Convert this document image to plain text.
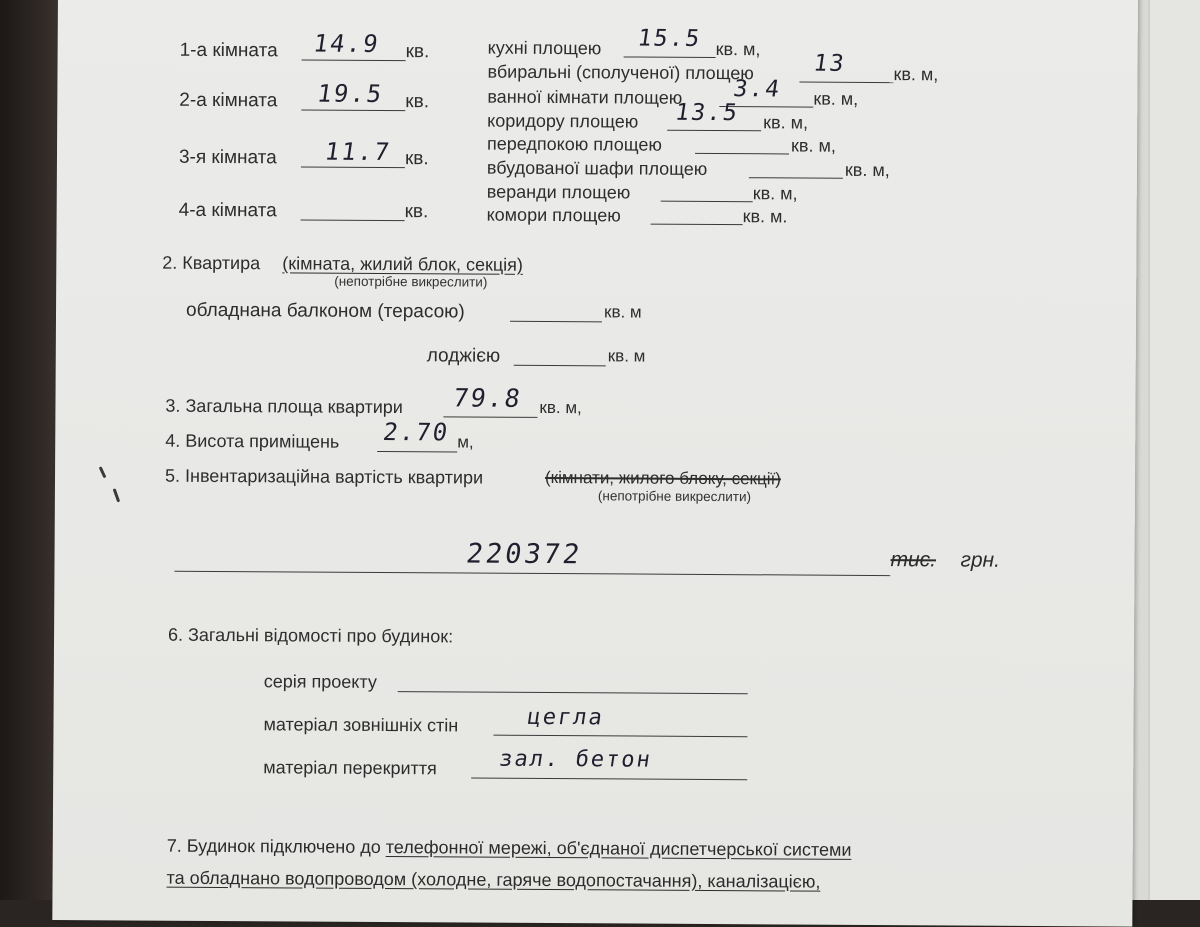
1-а кімната 14.9 кв.
2-а кімната 19.5 кв.
3-я кімната 11.7 кв.
4-а кімната	кв.
кухні площею 15.5 кв. м,
вбиральні (сполученої) площею	13	кв. м,
ванної кімнати площею 3.4 кв. м,
коридору площею 13.5 кв. м,
передпокою площею	кв. м,
вбудованої шафи площею	кв. м,
веранди площею	кв. м,
комори площею	кв. м.
2. Квартира (кімната, жилий блок, секція)
(непотрібне викреслити)
обладнана балконом (терасою)	кв. м
лоджією	кв. м
3. Загальна площа квартири 79.8 кв. м,
4. Висота приміщень 2.70 м,
5. Інвентаризаційна вартість квартири	(кімнати, жилого блоку, секції)
(непотрібне викреслити)
220372	тис. грн.
6. Загальні відомості про будинок:
серія проекту
матеріал зовнішніх стін	цегла
матеріал перекриття	зал. бетон
7. Будинок підключено до телефонної мережі, об'єднаної диспетчерської системи
та обладнано водопроводом (холодне, гаряче водопостачання), каналізацією,
